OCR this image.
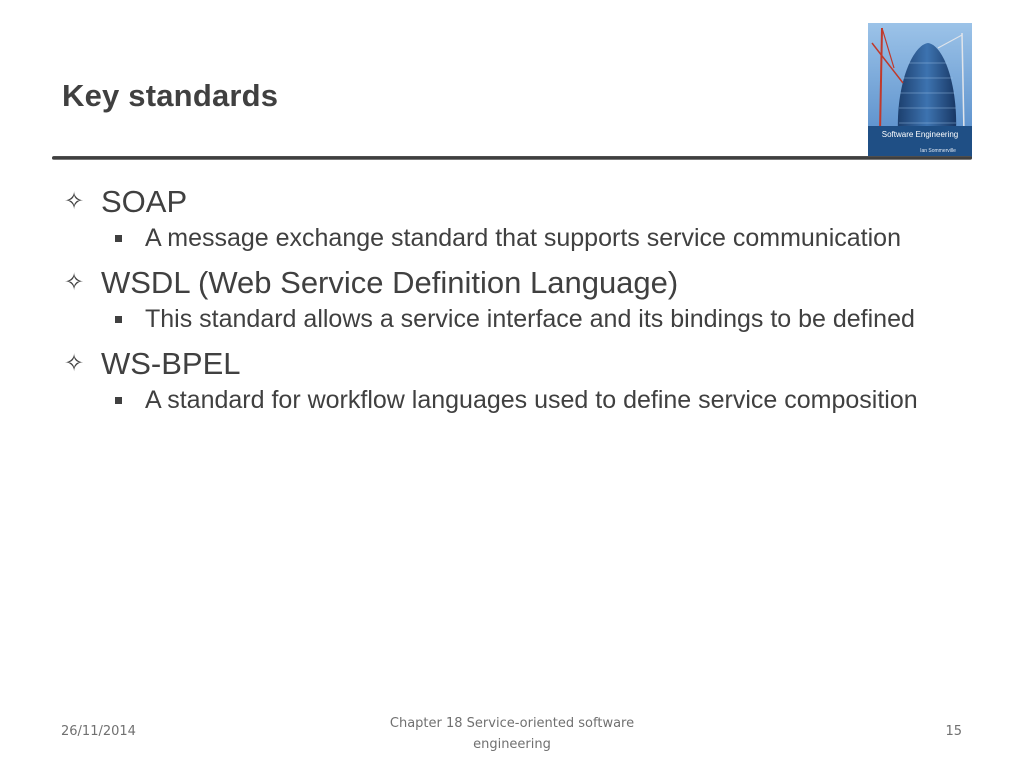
Key standards
Software Engineering
Ian Sommerville
✧ SOAP
A message exchange standard that supports service communication
✧ WSDL (Web Service Definition Language)
This standard allows a service interface and its bindings to be defined
✧ WS-BPEL
A standard for workflow languages used to define service composition
26/11/2014
Chapter 18 Service-oriented software engineering
15
